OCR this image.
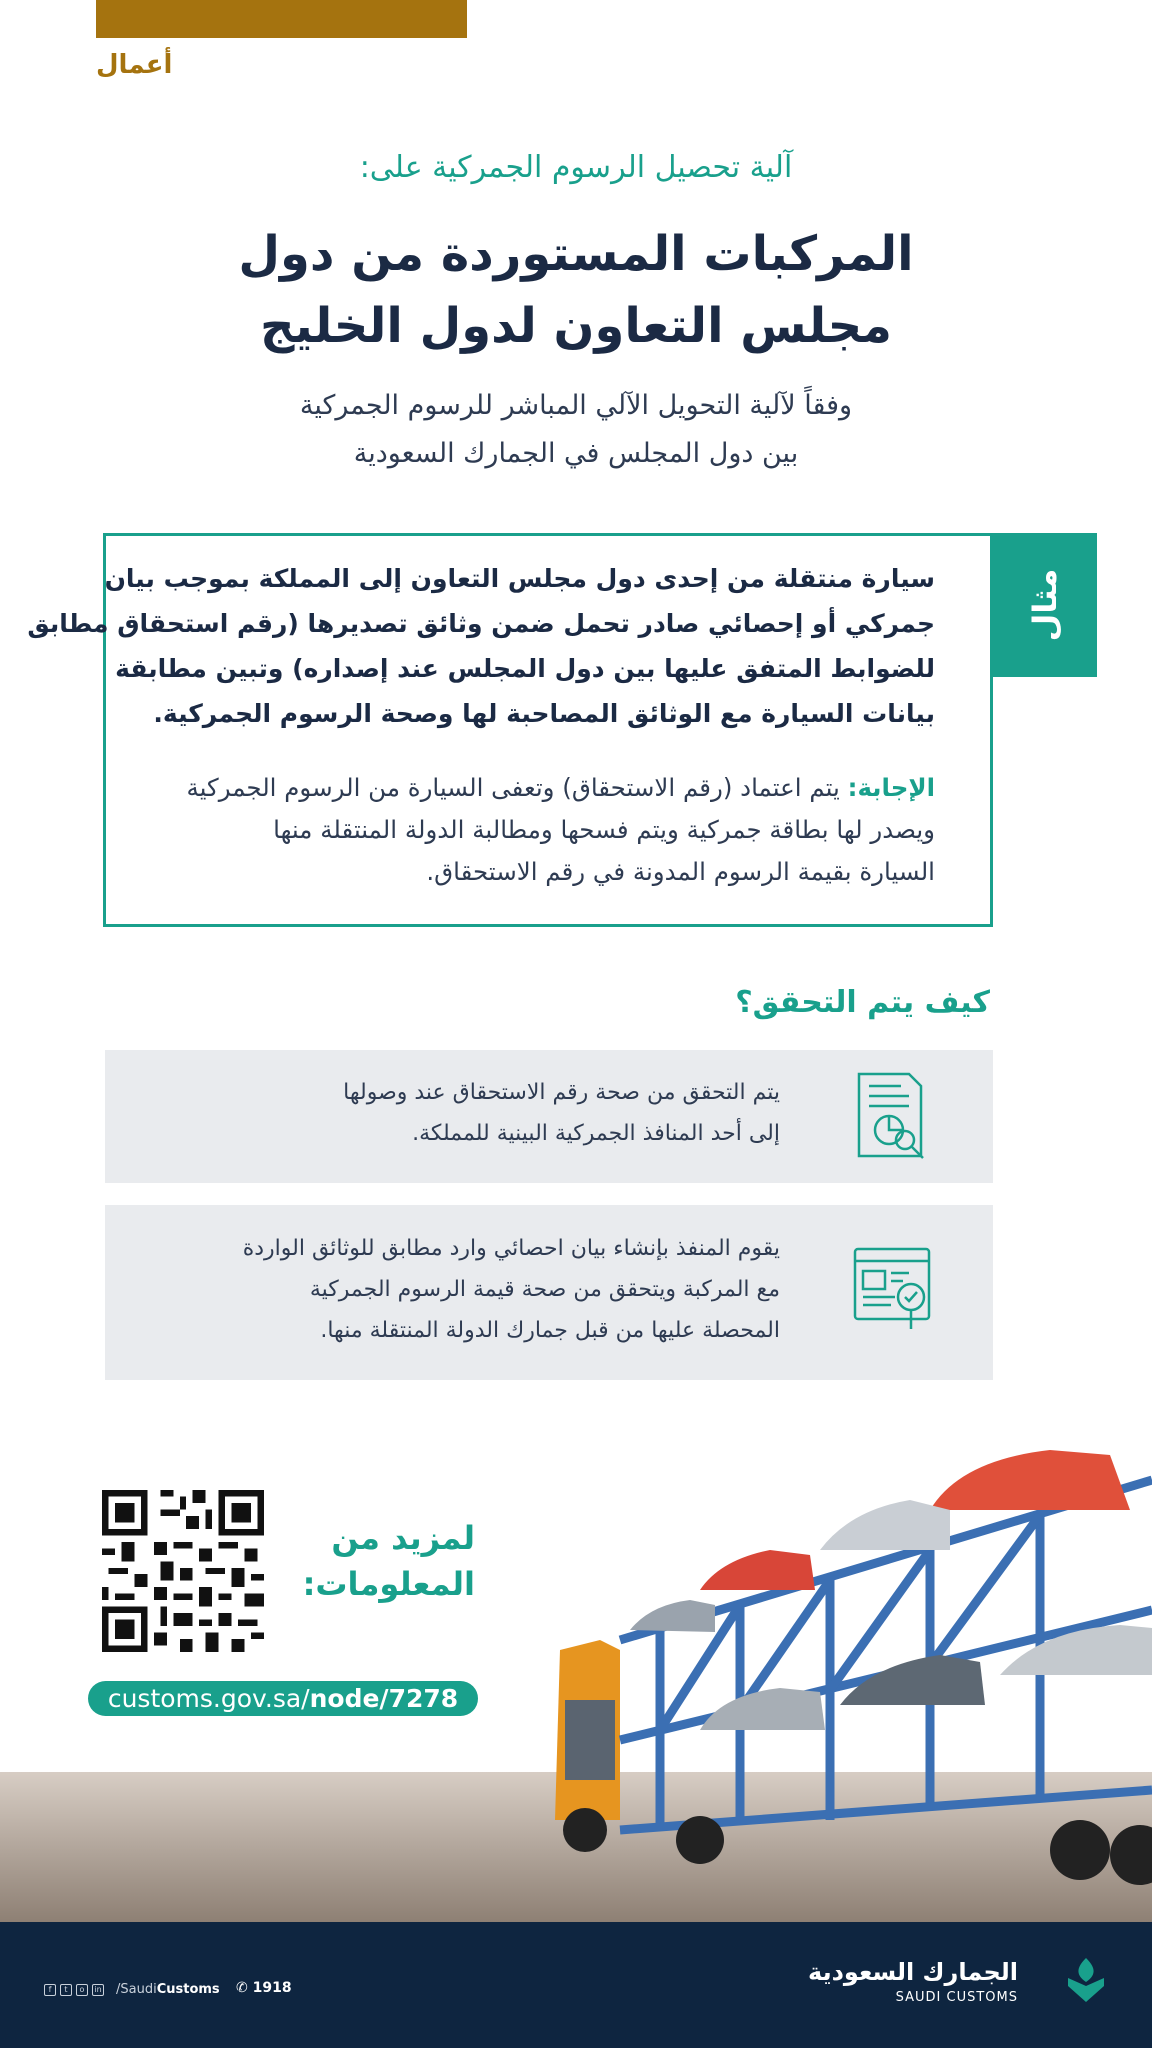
أعمال
آلية تحصيل الرسوم الجمركية على:
المركبات المستوردة من دول
مجلس التعاون لدول الخليج
وفقاً لآلية التحويل الآلي المباشر للرسوم الجمركية
بين دول المجلس في الجمارك السعودية
مثال
سيارة منتقلة من إحدى دول مجلس التعاون إلى المملكة بموجب بيان
جمركي أو إحصائي صادر تحمل ضمن وثائق تصديرها (رقم استحقاق مطابق
للضوابط المتفق عليها بين دول المجلس عند إصداره) وتبين مطابقة
بيانات السيارة مع الوثائق المصاحبة لها وصحة الرسوم الجمركية.
الإجابة: يتم اعتماد (رقم الاستحقاق) وتعفى السيارة من الرسوم الجمركية
ويصدر لها بطاقة جمركية ويتم فسحها ومطالبة الدولة المنتقلة منها
السيارة بقيمة الرسوم المدونة في رقم الاستحقاق.
كيف يتم التحقق؟
يتم التحقق من صحة رقم الاستحقاق عند وصولها
إلى أحد المنافذ الجمركية البينية للمملكة.
يقوم المنفذ بإنشاء بيان احصائي وارد مطابق للوثائق الواردة
مع المركبة ويتحقق من صحة قيمة الرسوم الجمركية
المحصلة عليها من قبل جمارك الدولة المنتقلة منها.
لمزيد من
المعلومات:
customs.gov.sa/node/7278
f	t	o	in /SaudiCustoms ✆ 1918
الجمارك السعودية
SAUDI CUSTOMS
